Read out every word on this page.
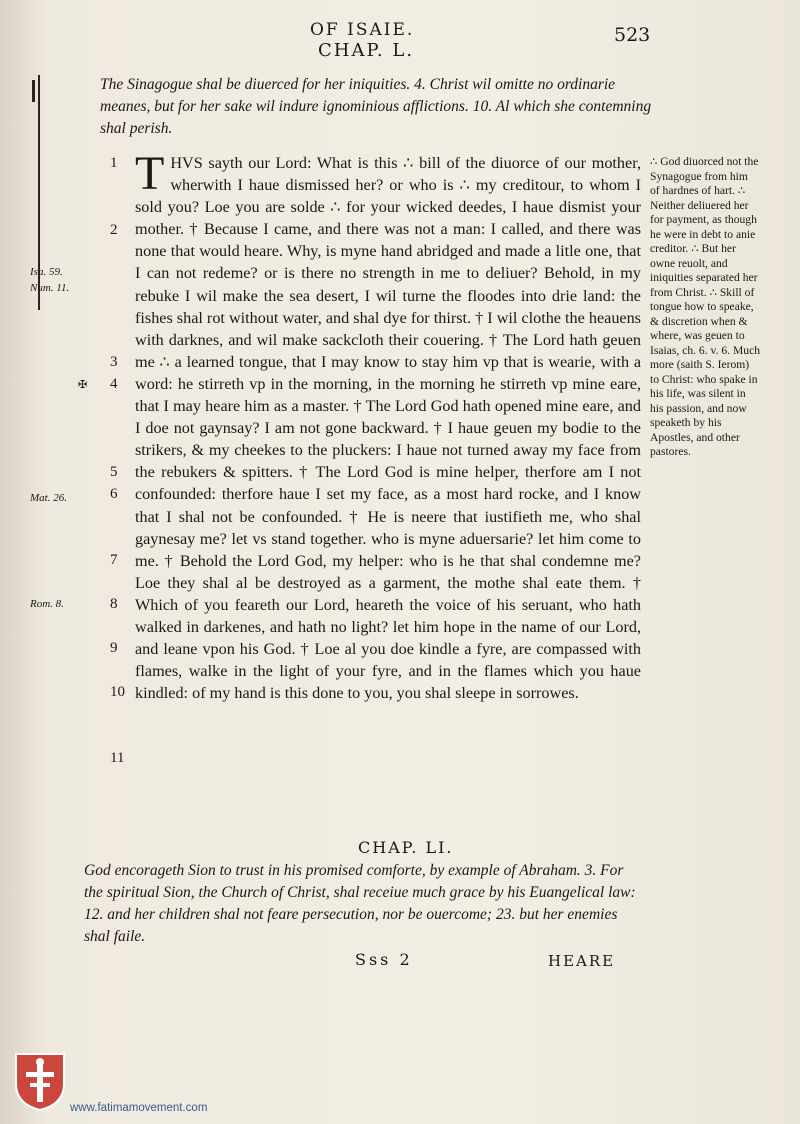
OF ISAIE.	523
CHAP. L.

The Sinagogue shal be diuerced for her iniquities. 4. Christ wil omitte no ordinarie meanes, but for her sake wil indure ignominious afflictions. 10. Al which she contemning shal perish.

1
2
3
4
5
6
7
8
9
10
11
Isa. 59.
Num. 11.
✠
Mat. 26.
Rom. 8.

THVS sayth our Lord: What is this ∴ bill of the diuorce of our mother, wherwith I haue dismissed her? or who is ∴ my creditour, to whom I sold you? Loe you are solde ∴ for your wicked deedes, I haue dismist your mother. † Because I came, and there was not a man: I called, and there was none that would heare. Why, is myne hand abridged and made a litle one, that I can not redeme? or is there no strength in me to deliuer? Behold, in my rebuke I wil make the sea desert, I wil turne the floodes into drie land: the fishes shal rot without water, and shal dye for thirst. † I wil clothe the heauens with darknes, and wil make sackcloth their couering. † The Lord hath geuen me ∴ a learned tongue, that I may know to stay him vp that is wearie, with a word: he stirreth vp in the morning, in the morning he stirreth vp mine eare, that I may heare him as a master. † The Lord God hath opened mine eare, and I doe not gaynsay? I am not gone backward. † I haue geuen my bodie to the strikers, & my cheekes to the pluckers: I haue not turned away my face from the rebukers & spitters. † The Lord God is mine helper, therfore am I not confounded: therfore haue I set my face, as a most hard rocke, and I know that I shal not be confounded. † He is neere that iustifieth me, who shal gaynesay me? let vs stand together. who is myne aduersarie? let him come to me. † Behold the Lord God, my helper: who is he that shal condemne me? Loe they shal al be destroyed as a garment, the mothe shal eate them. † Which of you feareth our Lord, heareth the voice of his seruant, who hath walked in darkenes, and hath no light? let him hope in the name of our Lord, and leane vpon his God. † Loe al you doe kindle a fyre, are compassed with flames, walke in the light of your fyre, and in the flames which you haue kindled: of my hand is this done to you, you shal sleepe in sorrowes.

∴ God diuorced not the Synagogue from him of hardnes of hart. ∴ Neither deliuered her for payment, as though he were in debt to anie creditor. ∴ But her owne reuolt, and iniquities separated her from Christ. ∴ Skill of tongue how to speake, & discretion when & where, was geuen to Isaias, ch. 6. v. 6. Much more (saith S. Ierom) to Christ: who spake in his life, was silent in his passion, and now speaketh by his Apostles, and other pastores.

CHAP. LI.

God encorageth Sion to trust in his promised comforte, by example of Abraham. 3. For the spiritual Sion, the Church of Christ, shal receiue much grace by his Euangelical law: 12. and her children shal not feare persecution, nor be ouercome; 23. but her enemies shal faile.

Sss 2	HEARE
www.fatimamovement.com
